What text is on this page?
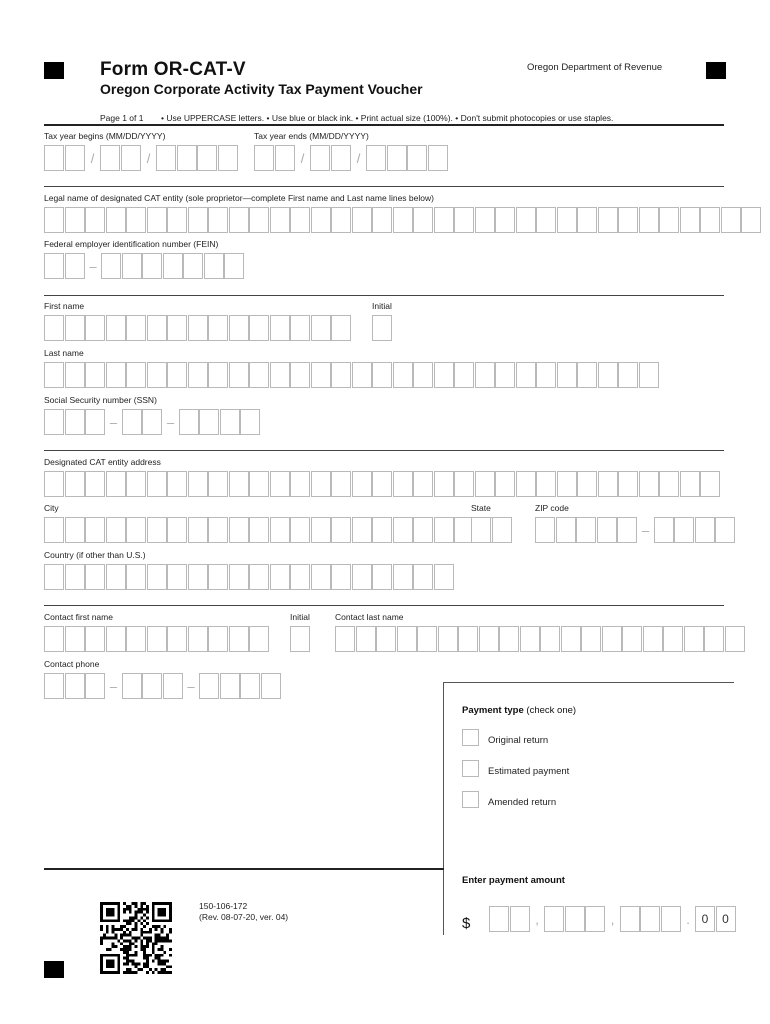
Form OR-CAT-V
Oregon Corporate Activity Tax Payment Voucher
Oregon Department of Revenue
Page 1 of 1 • Use UPPERCASE letters. • Use blue or black ink. • Print actual size (100%). • Don't submit photocopies or use staples.
Tax year begins (MM/DD/YYYY)	Tax year ends (MM/DD/YYYY)
/	/	/	/
Legal name of designated CAT entity (sole proprietor—complete First name and Last name lines below)
Federal employer identification number (FEIN)
–
First name	Initial
Last name
Social Security number (SSN)
–	–
Designated CAT entity address
City	State	ZIP code
–
Country (if other than U.S.)
Contact first name	Initial	Contact last name
Contact phone
–	–
Payment type (check one)
Original return
Estimated payment
Amended return
Enter payment amount
$	,	,	. 0	0
150-106-172
(Rev. 08-07-20, ver. 04)
